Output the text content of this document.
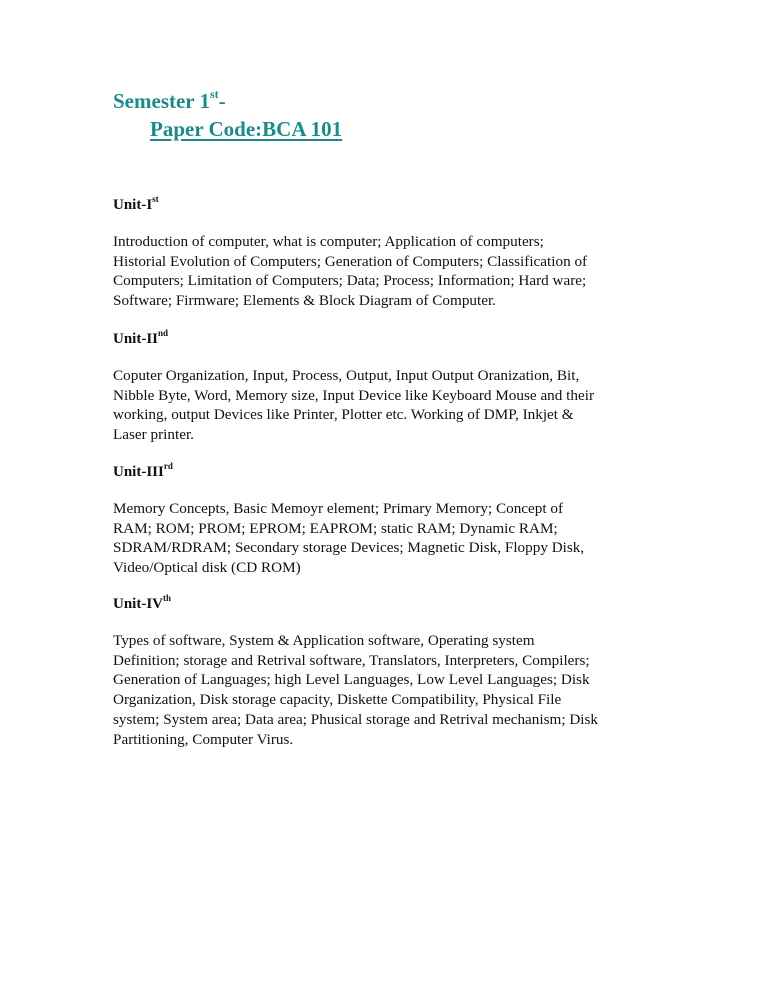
Semester 1st-
Paper Code:BCA 101
Unit-Ist
Introduction of computer, what is computer; Application of computers;
Historial Evolution of Computers; Generation of Computers; Classification of
Computers; Limitation of Computers; Data; Process; Information; Hard ware;
Software; Firmware; Elements & Block Diagram of Computer.
Unit-IInd
Coputer Organization, Input, Process, Output, Input Output Oranization, Bit,
Nibble Byte, Word, Memory size, Input Device like Keyboard Mouse and their
working, output Devices like Printer, Plotter etc. Working of DMP, Inkjet &
Laser printer.
Unit-IIIrd
Memory Concepts, Basic Memoyr element; Primary Memory; Concept of
RAM; ROM; PROM; EPROM; EAPROM; static RAM; Dynamic RAM;
SDRAM/RDRAM; Secondary storage Devices; Magnetic Disk, Floppy Disk,
Video/Optical disk (CD ROM)
Unit-IVth
Types of software, System & Application software, Operating system
Definition; storage and Retrival software, Translators, Interpreters, Compilers;
Generation of Languages; high Level Languages, Low Level Languages; Disk
Organization, Disk storage capacity, Diskette Compatibility, Physical File
system; System area; Data area; Phusical storage and Retrival mechanism; Disk
Partitioning, Computer Virus.
